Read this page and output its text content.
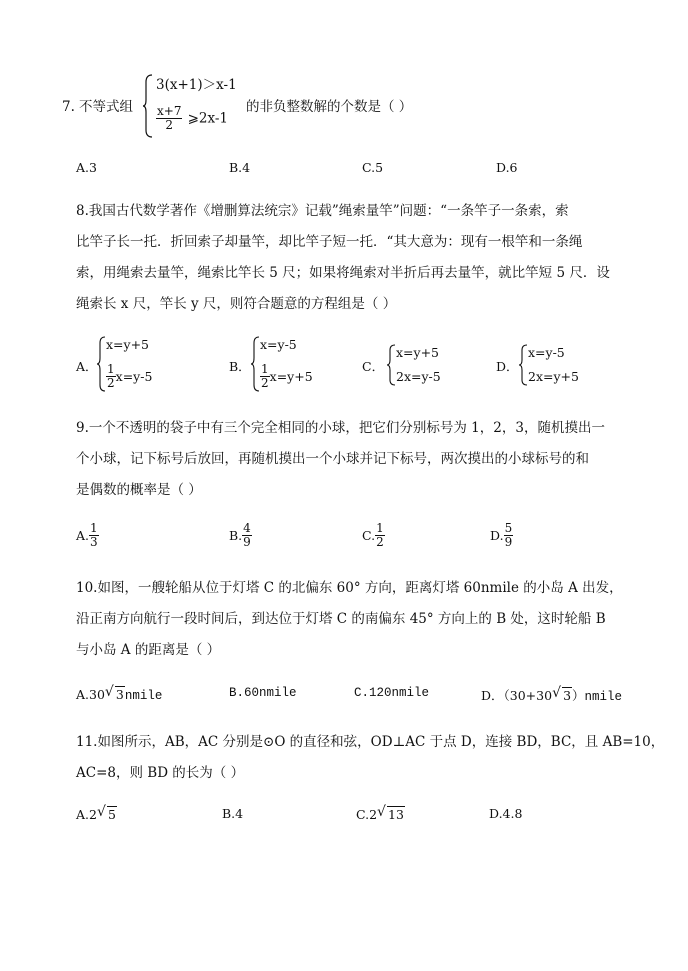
7. 不等式组
3(x+1)＞x-1
$\frac{x+7}{2}$ ⩾2x-1
的非负整数解的个数是（ ）
A.3	B.4	C.5	D.6
8.我国古代数学著作《增删算法统宗》记载”绳索量竿”问题：“一条竿子一条索，索
比竿子长一托．折回索子却量竿，却比竿子短一托．“其大意为：现有一根竿和一条绳
索，用绳索去量竿，绳索比竿长 5 尺；如果将绳索对半折后再去量竿，就比竿短 5 尺．设
绳索长 x 尺，竿长 y 尺，则符合题意的方程组是（ ）
A．
x=y+5
$\frac{1}{2} x=y-5$
B．
x=y-5
$\frac{1}{2} x=y+5$
C．
x=y+5
2x=y-5
D．
x=y-5
2x=y+5
9.一个不透明的袋子中有三个完全相同的小球，把它们分别标号为 1，2，3，随机摸出一
个小球，记下标号后放回，再随机摸出一个小球并记下标号，两次摸出的小球标号的和
是偶数的概率是（ ）
A. $\frac{1}{3}$	B. $\frac{4}{9}$	C. $\frac{1}{2}$	D. $\frac{5}{9}$
10.如图，一艘轮船从位于灯塔 C 的北偏东 60° 方向，距离灯塔 60nmile 的小岛 A 出发，
沿正南方向航行一段时间后，到达位于灯塔 C 的南偏东 45° 方向上的 B 处，这时轮船 B
与小岛 A 的距离是（ ）
A.30 √ 3nmile	B.60nmile	C.120nmile	D．（30+30 √ 3）nmile
11.如图所示，AB，AC 分别是⊙O 的直径和弦，OD⊥AC 于点 D，连接 BD，BC，且 AB=10，
AC=8，则 BD 的长为（ ）
A.2 √ 5	B.4	C.2 √ 13	D.4.8
